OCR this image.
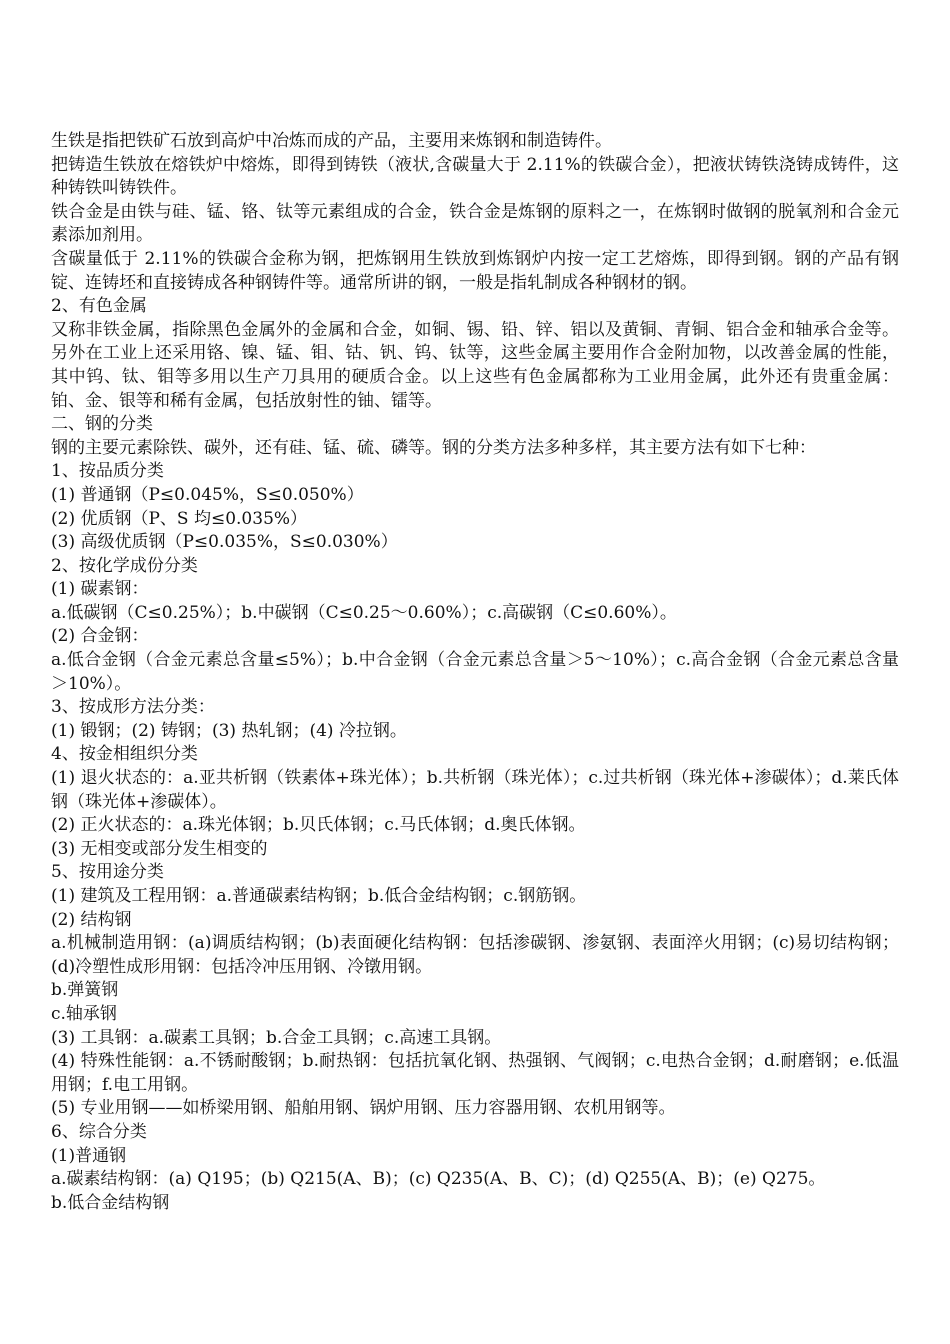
生铁是指把铁矿石放到高炉中冶炼而成的产品，主要用来炼钢和制造铸件。

把铸造生铁放在熔铁炉中熔炼，即得到铸铁（液状,含碳量大于 2.11%的铁碳合金），把液状铸铁浇铸成铸件，这种铸铁叫铸铁件。

铁合金是由铁与硅、锰、铬、钛等元素组成的合金，铁合金是炼钢的原料之一，在炼钢时做钢的脱氧剂和合金元素添加剂用。

含碳量低于 2.11%的铁碳合金称为钢，把炼钢用生铁放到炼钢炉内按一定工艺熔炼，即得到钢。钢的产品有钢锭、连铸坯和直接铸成各种钢铸件等。通常所讲的钢，一般是指轧制成各种钢材的钢。

2、有色金属

又称非铁金属，指除黑色金属外的金属和合金，如铜、锡、铅、锌、铝以及黄铜、青铜、铝合金和轴承合金等。另外在工业上还采用铬、镍、锰、钼、钴、钒、钨、钛等，这些金属主要用作合金附加物，以改善金属的性能，其中钨、钛、钼等多用以生产刀具用的硬质合金。以上这些有色金属都称为工业用金属，此外还有贵重金属：铂、金、银等和稀有金属，包括放射性的铀、镭等。

二、钢的分类

钢的主要元素除铁、碳外，还有硅、锰、硫、磷等。钢的分类方法多种多样，其主要方法有如下七种：

1、按品质分类

(1) 普通钢（P≤0.045%，S≤0.050%）

(2) 优质钢（P、S 均≤0.035%）

(3) 高级优质钢（P≤0.035%，S≤0.030%）

2、按化学成份分类

(1) 碳素钢：

a.低碳钢（C≤0.25%）；b.中碳钢（C≤0.25～0.60%）；c.高碳钢（C≤0.60%）。

(2) 合金钢：

a.低合金钢（合金元素总含量≤5%）；b.中合金钢（合金元素总含量＞5～10%）；c.高合金钢（合金元素总含量＞10%）。

3、按成形方法分类：

(1) 锻钢；(2) 铸钢；(3) 热轧钢；(4) 冷拉钢。

4、按金相组织分类

(1) 退火状态的：a.亚共析钢（铁素体+珠光体）；b.共析钢（珠光体）；c.过共析钢（珠光体+渗碳体）；d.莱氏体钢（珠光体+渗碳体）。

(2) 正火状态的：a.珠光体钢；b.贝氏体钢；c.马氏体钢；d.奥氏体钢。

(3) 无相变或部分发生相变的

5、按用途分类

(1) 建筑及工程用钢：a.普通碳素结构钢；b.低合金结构钢；c.钢筋钢。

(2) 结构钢

a.机械制造用钢：(a)调质结构钢；(b)表面硬化结构钢：包括渗碳钢、渗氨钢、表面淬火用钢；(c)易切结构钢；(d)冷塑性成形用钢：包括冷冲压用钢、冷镦用钢。

b.弹簧钢

c.轴承钢

(3) 工具钢：a.碳素工具钢；b.合金工具钢；c.高速工具钢。

(4) 特殊性能钢：a.不锈耐酸钢；b.耐热钢：包括抗氧化钢、热强钢、气阀钢；c.电热合金钢；d.耐磨钢；e.低温用钢；f.电工用钢。

(5) 专业用钢——如桥梁用钢、船舶用钢、锅炉用钢、压力容器用钢、农机用钢等。

6、综合分类

(1)普通钢

a.碳素结构钢：(a) Q195；(b) Q215(A、B)；(c) Q235(A、B、C)；(d) Q255(A、B)；(e) Q275。

b.低合金结构钢
